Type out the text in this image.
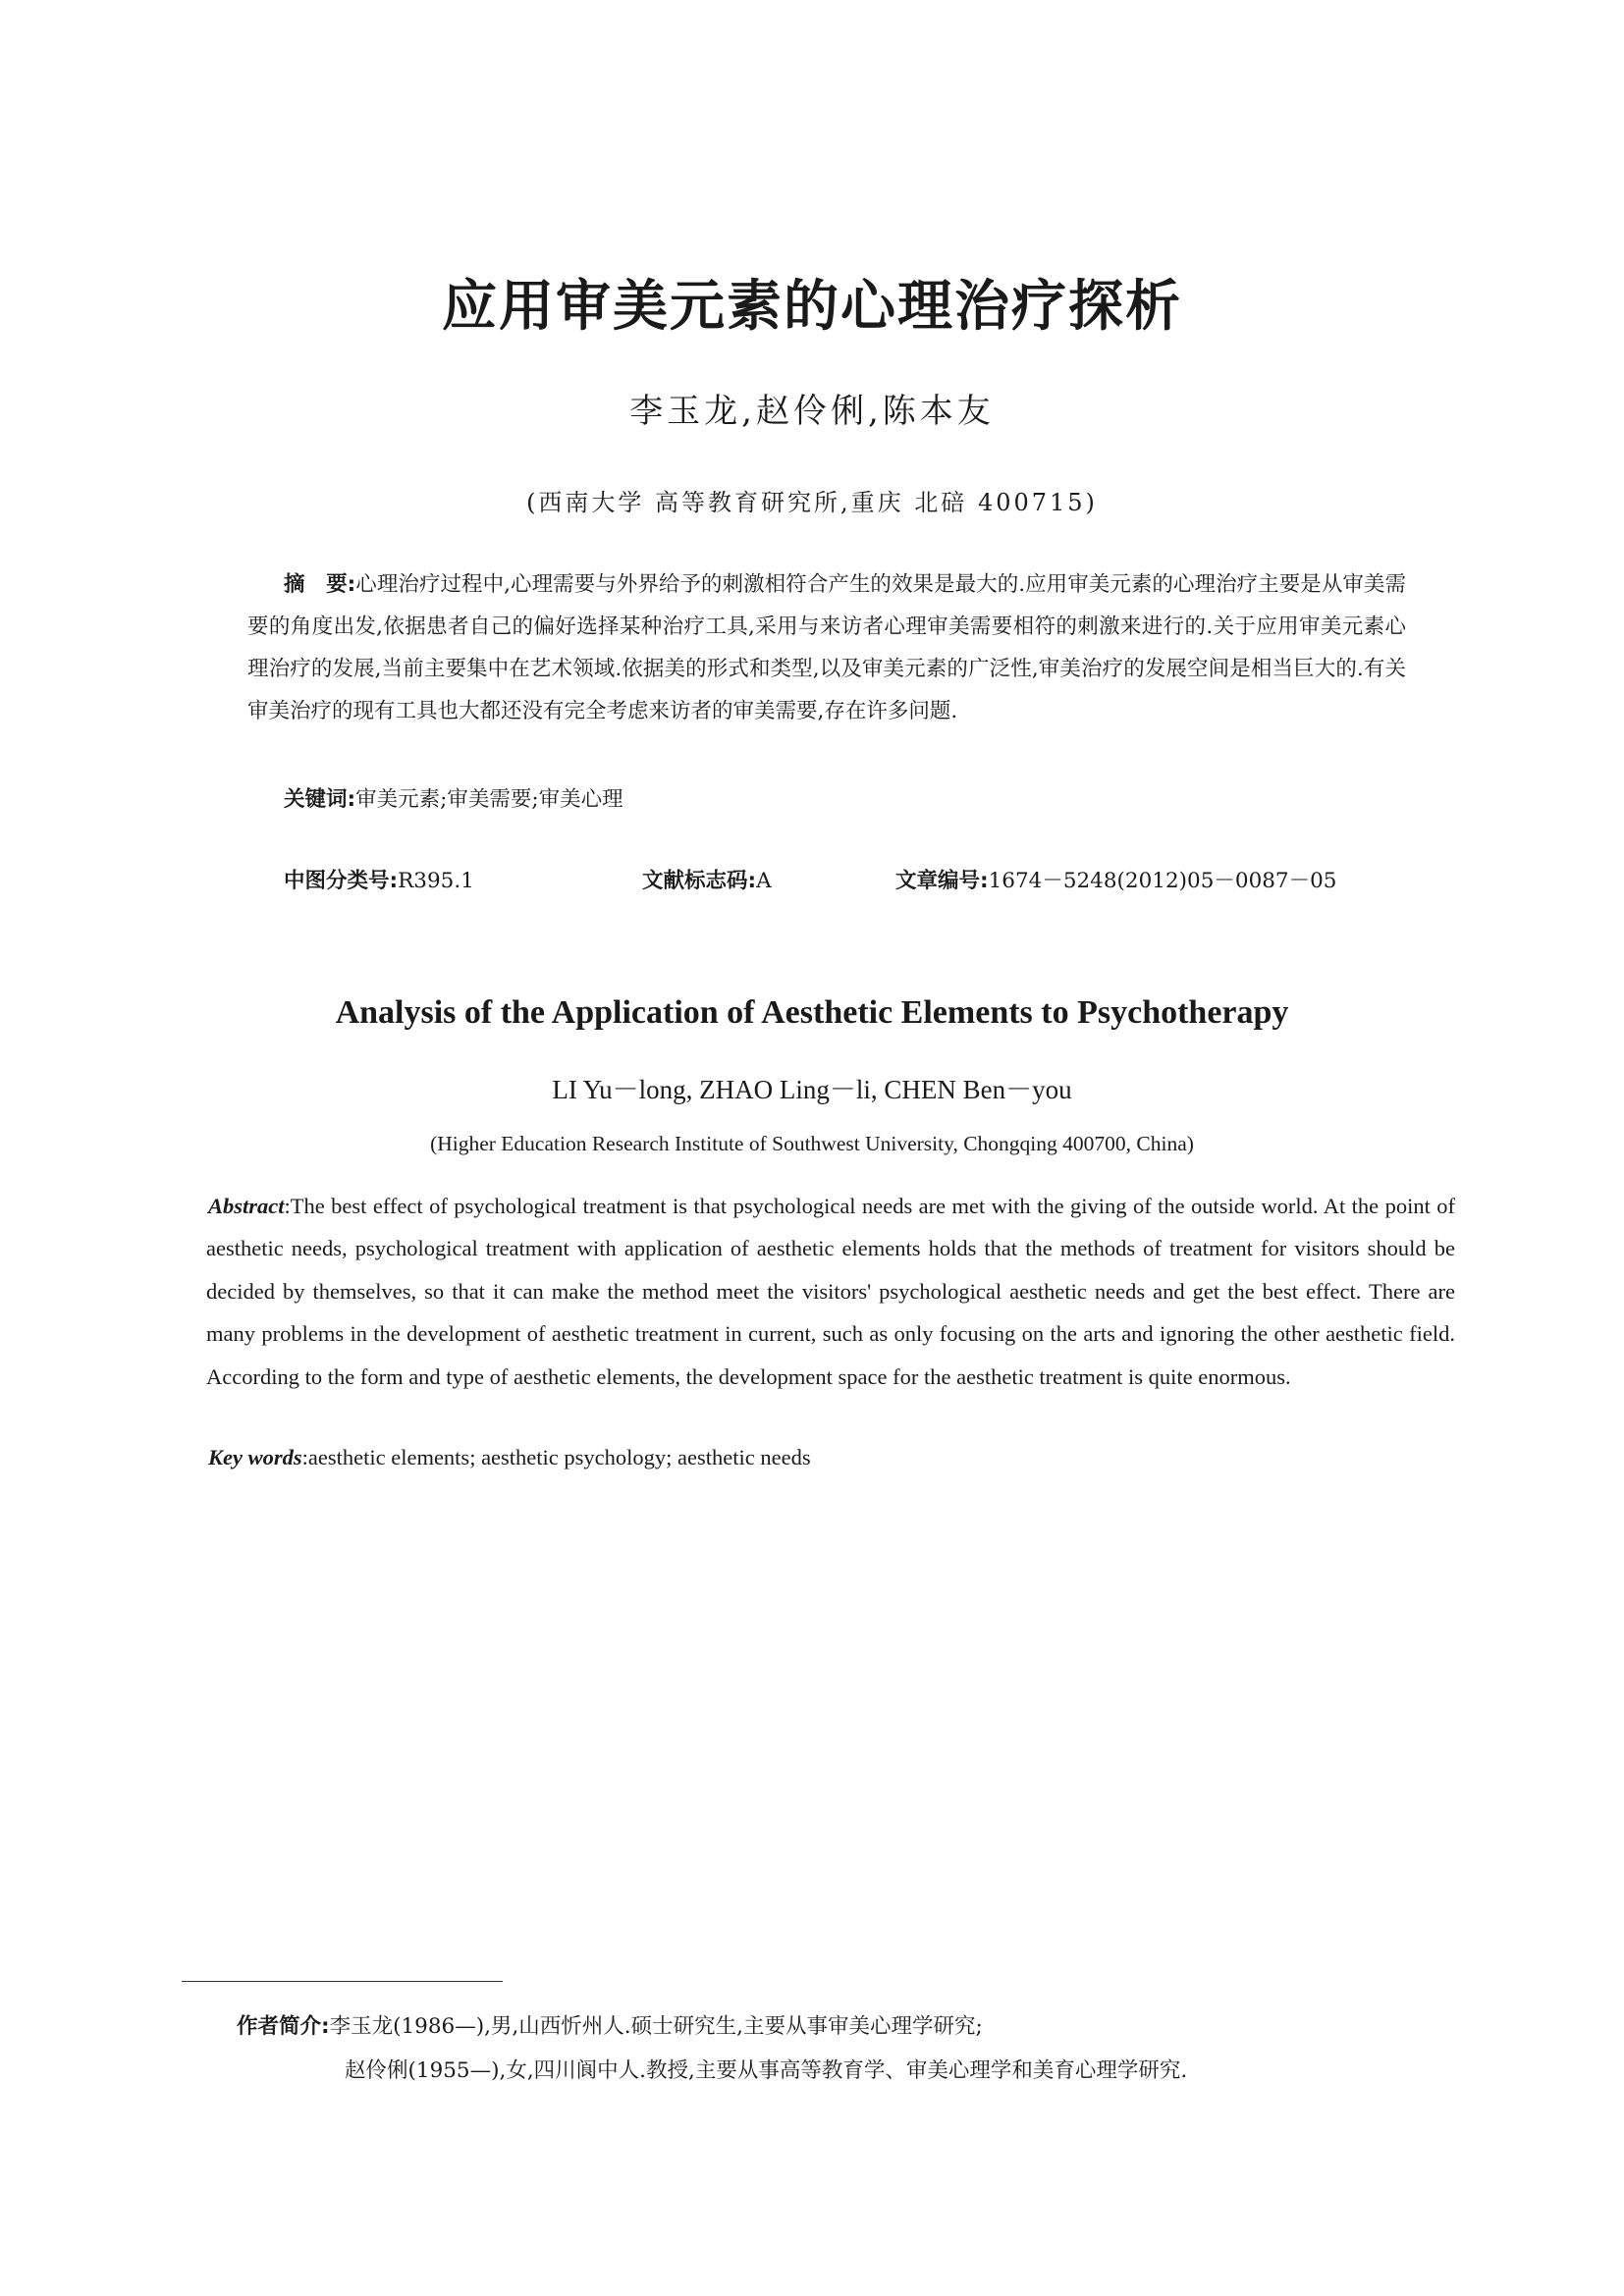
应用审美元素的心理治疗探析
李玉龙,赵伶俐,陈本友
(西南大学 高等教育研究所,重庆 北碚 400715)
摘　要:心理治疗过程中,心理需要与外界给予的刺激相符合产生的效果是最大的.应用审美元素的心理治疗主要是从审美需要的角度出发,依据患者自己的偏好选择某种治疗工具,采用与来访者心理审美需要相符的刺激来进行的.关于应用审美元素心理治疗的发展,当前主要集中在艺术领域.依据美的形式和类型,以及审美元素的广泛性,审美治疗的发展空间是相当巨大的.有关审美治疗的现有工具也大都还没有完全考虑来访者的审美需要,存在许多问题.
关键词:审美元素;审美需要;审美心理
中图分类号:R395.1	文献标志码:A	文章编号:1674－5248(2012)05－0087－05
Analysis of the Application of Aesthetic Elements to Psychotherapy
LI Yu－long, ZHAO Ling－li, CHEN Ben－you
(Higher Education Research Institute of Southwest University, Chongqing 400700, China)
Abstract:The best effect of psychological treatment is that psychological needs are met with the giving of the outside world. At the point of aesthetic needs, psychological treatment with application of aesthetic elements holds that the methods of treatment for visitors should be decided by themselves, so that it can make the method meet the visitors' psychological aesthetic needs and get the best effect. There are many problems in the development of aesthetic treatment in current, such as only focusing on the arts and ignoring the other aesthetic field. According to the form and type of aesthetic elements, the development space for the aesthetic treatment is quite enormous.
Key words:aesthetic elements; aesthetic psychology; aesthetic needs
作者简介:李玉龙(1986—),男,山西忻州人.硕士研究生,主要从事审美心理学研究;
赵伶俐(1955—),女,四川阆中人.教授,主要从事高等教育学、审美心理学和美育心理学研究.
